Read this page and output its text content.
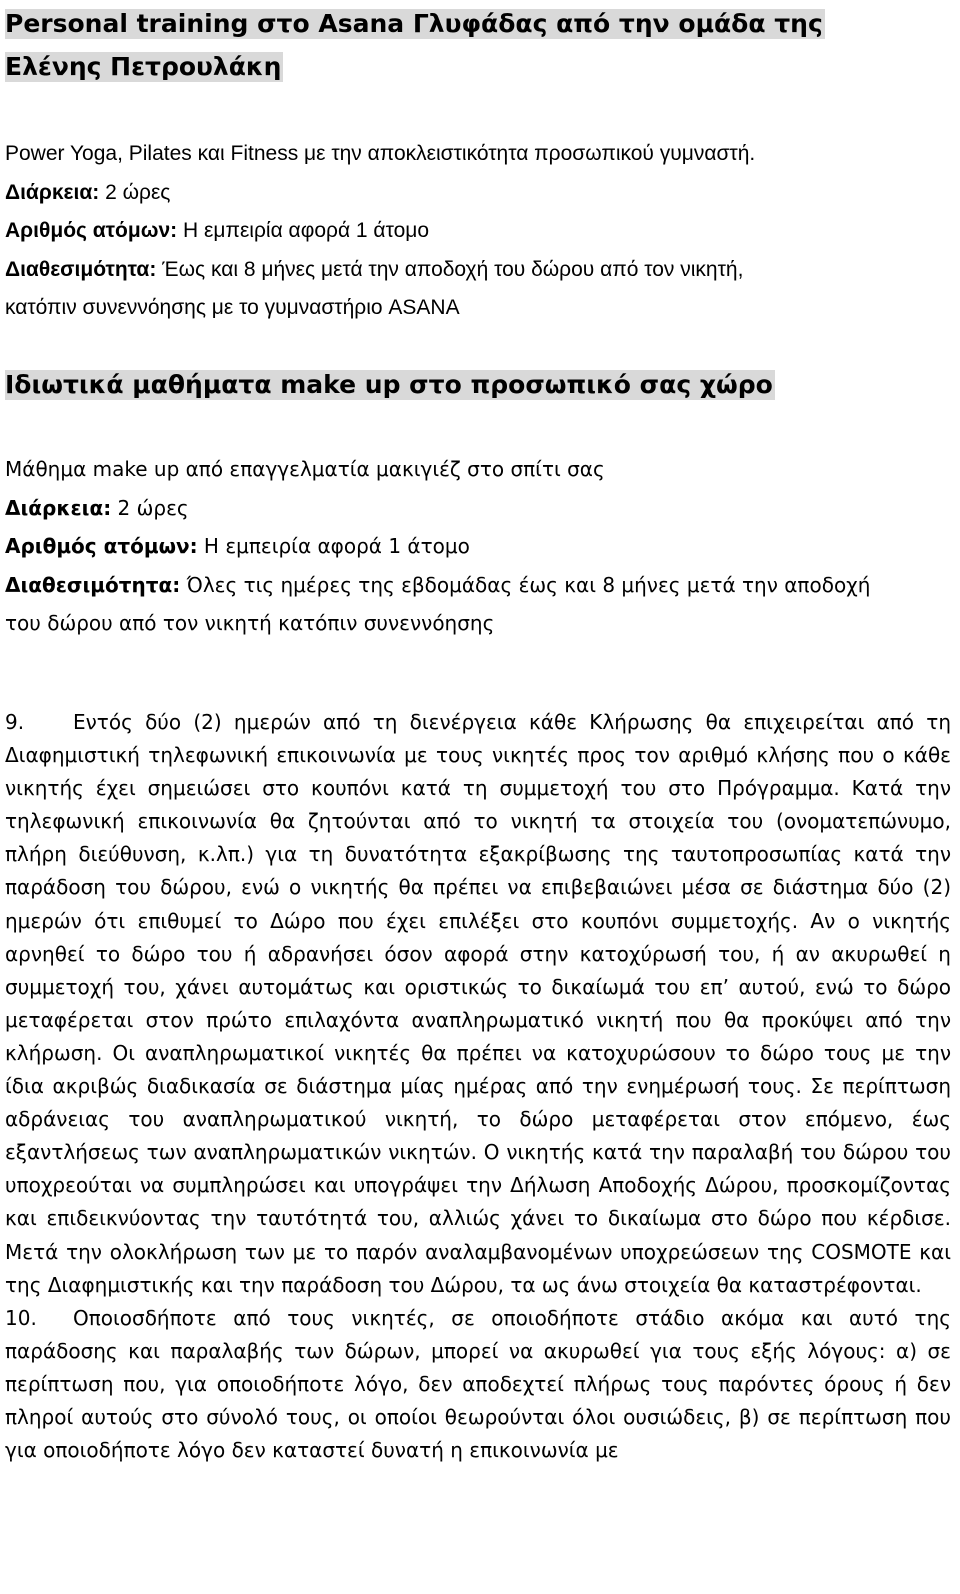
Personal training στο Asana Γλυφάδας από την ομάδα της Ελένης Πετρουλάκη
Power Yoga, Pilates και Fitness με την αποκλειστικότητα προσωπικού γυμναστή.
Διάρκεια: 2 ώρες
Αριθμός ατόμων: Η εμπειρία αφορά 1 άτομο
Διαθεσιμότητα: Έως και 8 μήνες μετά την αποδοχή του δώρου από τον νικητή,
κατόπιν συνεννόησης με το γυμναστήριο ASANA
Ιδιωτικά μαθήματα make up στο προσωπικό σας χώρο
Μάθημα make up από επαγγελματία μακιγιέζ στο σπίτι σας
Διάρκεια: 2 ώρες
Αριθμός ατόμων: Η εμπειρία αφορά 1 άτομο
Διαθεσιμότητα: Όλες τις ημέρες της εβδομάδας έως και 8 μήνες μετά την αποδοχή
του δώρου από τον νικητή κατόπιν συνεννόησης

9. Εντός δύο (2) ημερών από τη διενέργεια κάθε Κλήρωσης θα επιχειρείται από τη Διαφημιστική τηλεφωνική επικοινωνία με τους νικητές προς τον αριθμό κλήσης που ο κάθε νικητής έχει σημειώσει στο κουπόνι κατά τη συμμετοχή του στο Πρόγραμμα. Κατά την τηλεφωνική επικοινωνία θα ζητούνται από το νικητή τα στοιχεία του (ονοματεπώνυμο, πλήρη διεύθυνση, κ.λπ.) για τη δυνατότητα εξακρίβωσης της ταυτοπροσωπίας κατά την παράδοση του δώρου, ενώ ο νικητής θα πρέπει να επιβεβαιώνει μέσα σε διάστημα δύο (2) ημερών ότι επιθυμεί το Δώρο που έχει επιλέξει στο κουπόνι συμμετοχής. Αν ο νικητής αρνηθεί το δώρο του ή αδρανήσει όσον αφορά στην κατοχύρωσή του, ή αν ακυρωθεί η συμμετοχή του, χάνει αυτομάτως και οριστικώς το δικαίωμά του επ’ αυτού, ενώ το δώρο μεταφέρεται στον πρώτο επιλαχόντα αναπληρωματικό νικητή που θα προκύψει από την κλήρωση. Οι αναπληρωματικοί νικητές θα πρέπει να κατοχυρώσουν το δώρο τους με την ίδια ακριβώς διαδικασία σε διάστημα μίας ημέρας από την ενημέρωσή τους. Σε περίπτωση αδράνειας του αναπληρωματικού νικητή, το δώρο μεταφέρεται στον επόμενο, έως εξαντλήσεως των αναπληρωματικών νικητών. Ο νικητής κατά την παραλαβή του δώρου του υποχρεούται να συμπληρώσει και υπογράψει την Δήλωση Αποδοχής Δώρου, προσκομίζοντας και επιδεικνύοντας την ταυτότητά του, αλλιώς χάνει το δικαίωμα στο δώρο που κέρδισε. Μετά την ολοκλήρωση των με το παρόν αναλαμβανομένων υποχρεώσεων της COSMOTE και της Διαφημιστικής και την παράδοση του Δώρου, τα ως άνω στοιχεία θα καταστρέφονται.

10. Οποιοσδήποτε από τους νικητές, σε οποιοδήποτε στάδιο ακόμα και αυτό της παράδοσης και παραλαβής των δώρων, μπορεί να ακυρωθεί για τους εξής λόγους: α) σε περίπτωση που, για οποιοδήποτε λόγο, δεν αποδεχτεί πλήρως τους παρόντες όρους ή δεν πληροί αυτούς στο σύνολό τους, οι οποίοι θεωρούνται όλοι ουσιώδεις, β) σε περίπτωση που για οποιοδήποτε λόγο δεν καταστεί δυνατή η επικοινωνία με
